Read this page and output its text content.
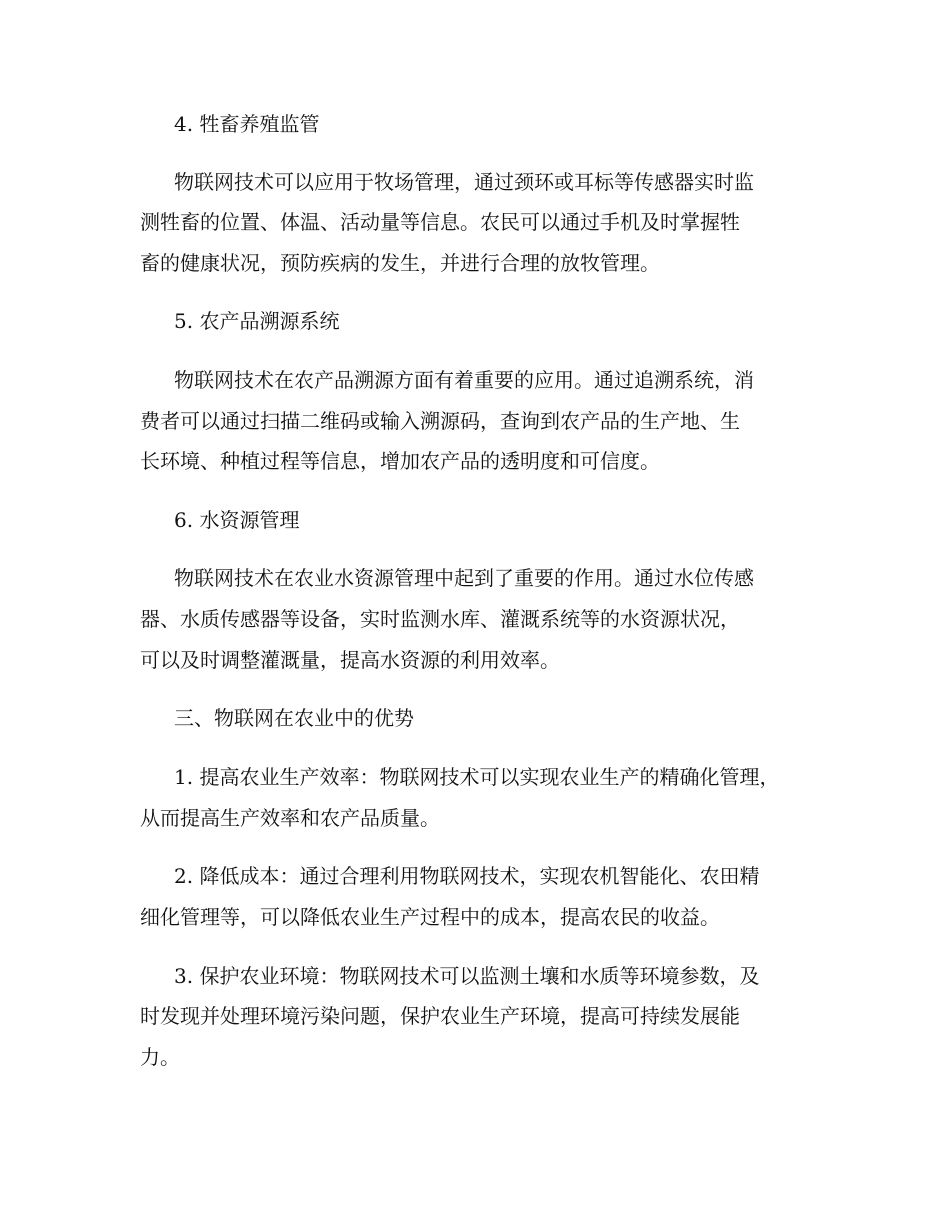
4. 牲畜养殖监管
物联网技术可以应用于牧场管理，通过颈环或耳标等传感器实时监
测牲畜的位置、体温、活动量等信息。农民可以通过手机及时掌握牲
畜的健康状况，预防疾病的发生，并进行合理的放牧管理。
5. 农产品溯源系统
物联网技术在农产品溯源方面有着重要的应用。通过追溯系统，消
费者可以通过扫描二维码或输入溯源码，查询到农产品的生产地、生
长环境、种植过程等信息，增加农产品的透明度和可信度。
6. 水资源管理
物联网技术在农业水资源管理中起到了重要的作用。通过水位传感
器、水质传感器等设备，实时监测水库、灌溉系统等的水资源状况，
可以及时调整灌溉量，提高水资源的利用效率。
三、物联网在农业中的优势
1. 提高农业生产效率：物联网技术可以实现农业生产的精确化管理，
从而提高生产效率和农产品质量。
2. 降低成本：通过合理利用物联网技术，实现农机智能化、农田精
细化管理等，可以降低农业生产过程中的成本，提高农民的收益。
3. 保护农业环境：物联网技术可以监测土壤和水质等环境参数，及
时发现并处理环境污染问题，保护农业生产环境，提高可持续发展能
力。
